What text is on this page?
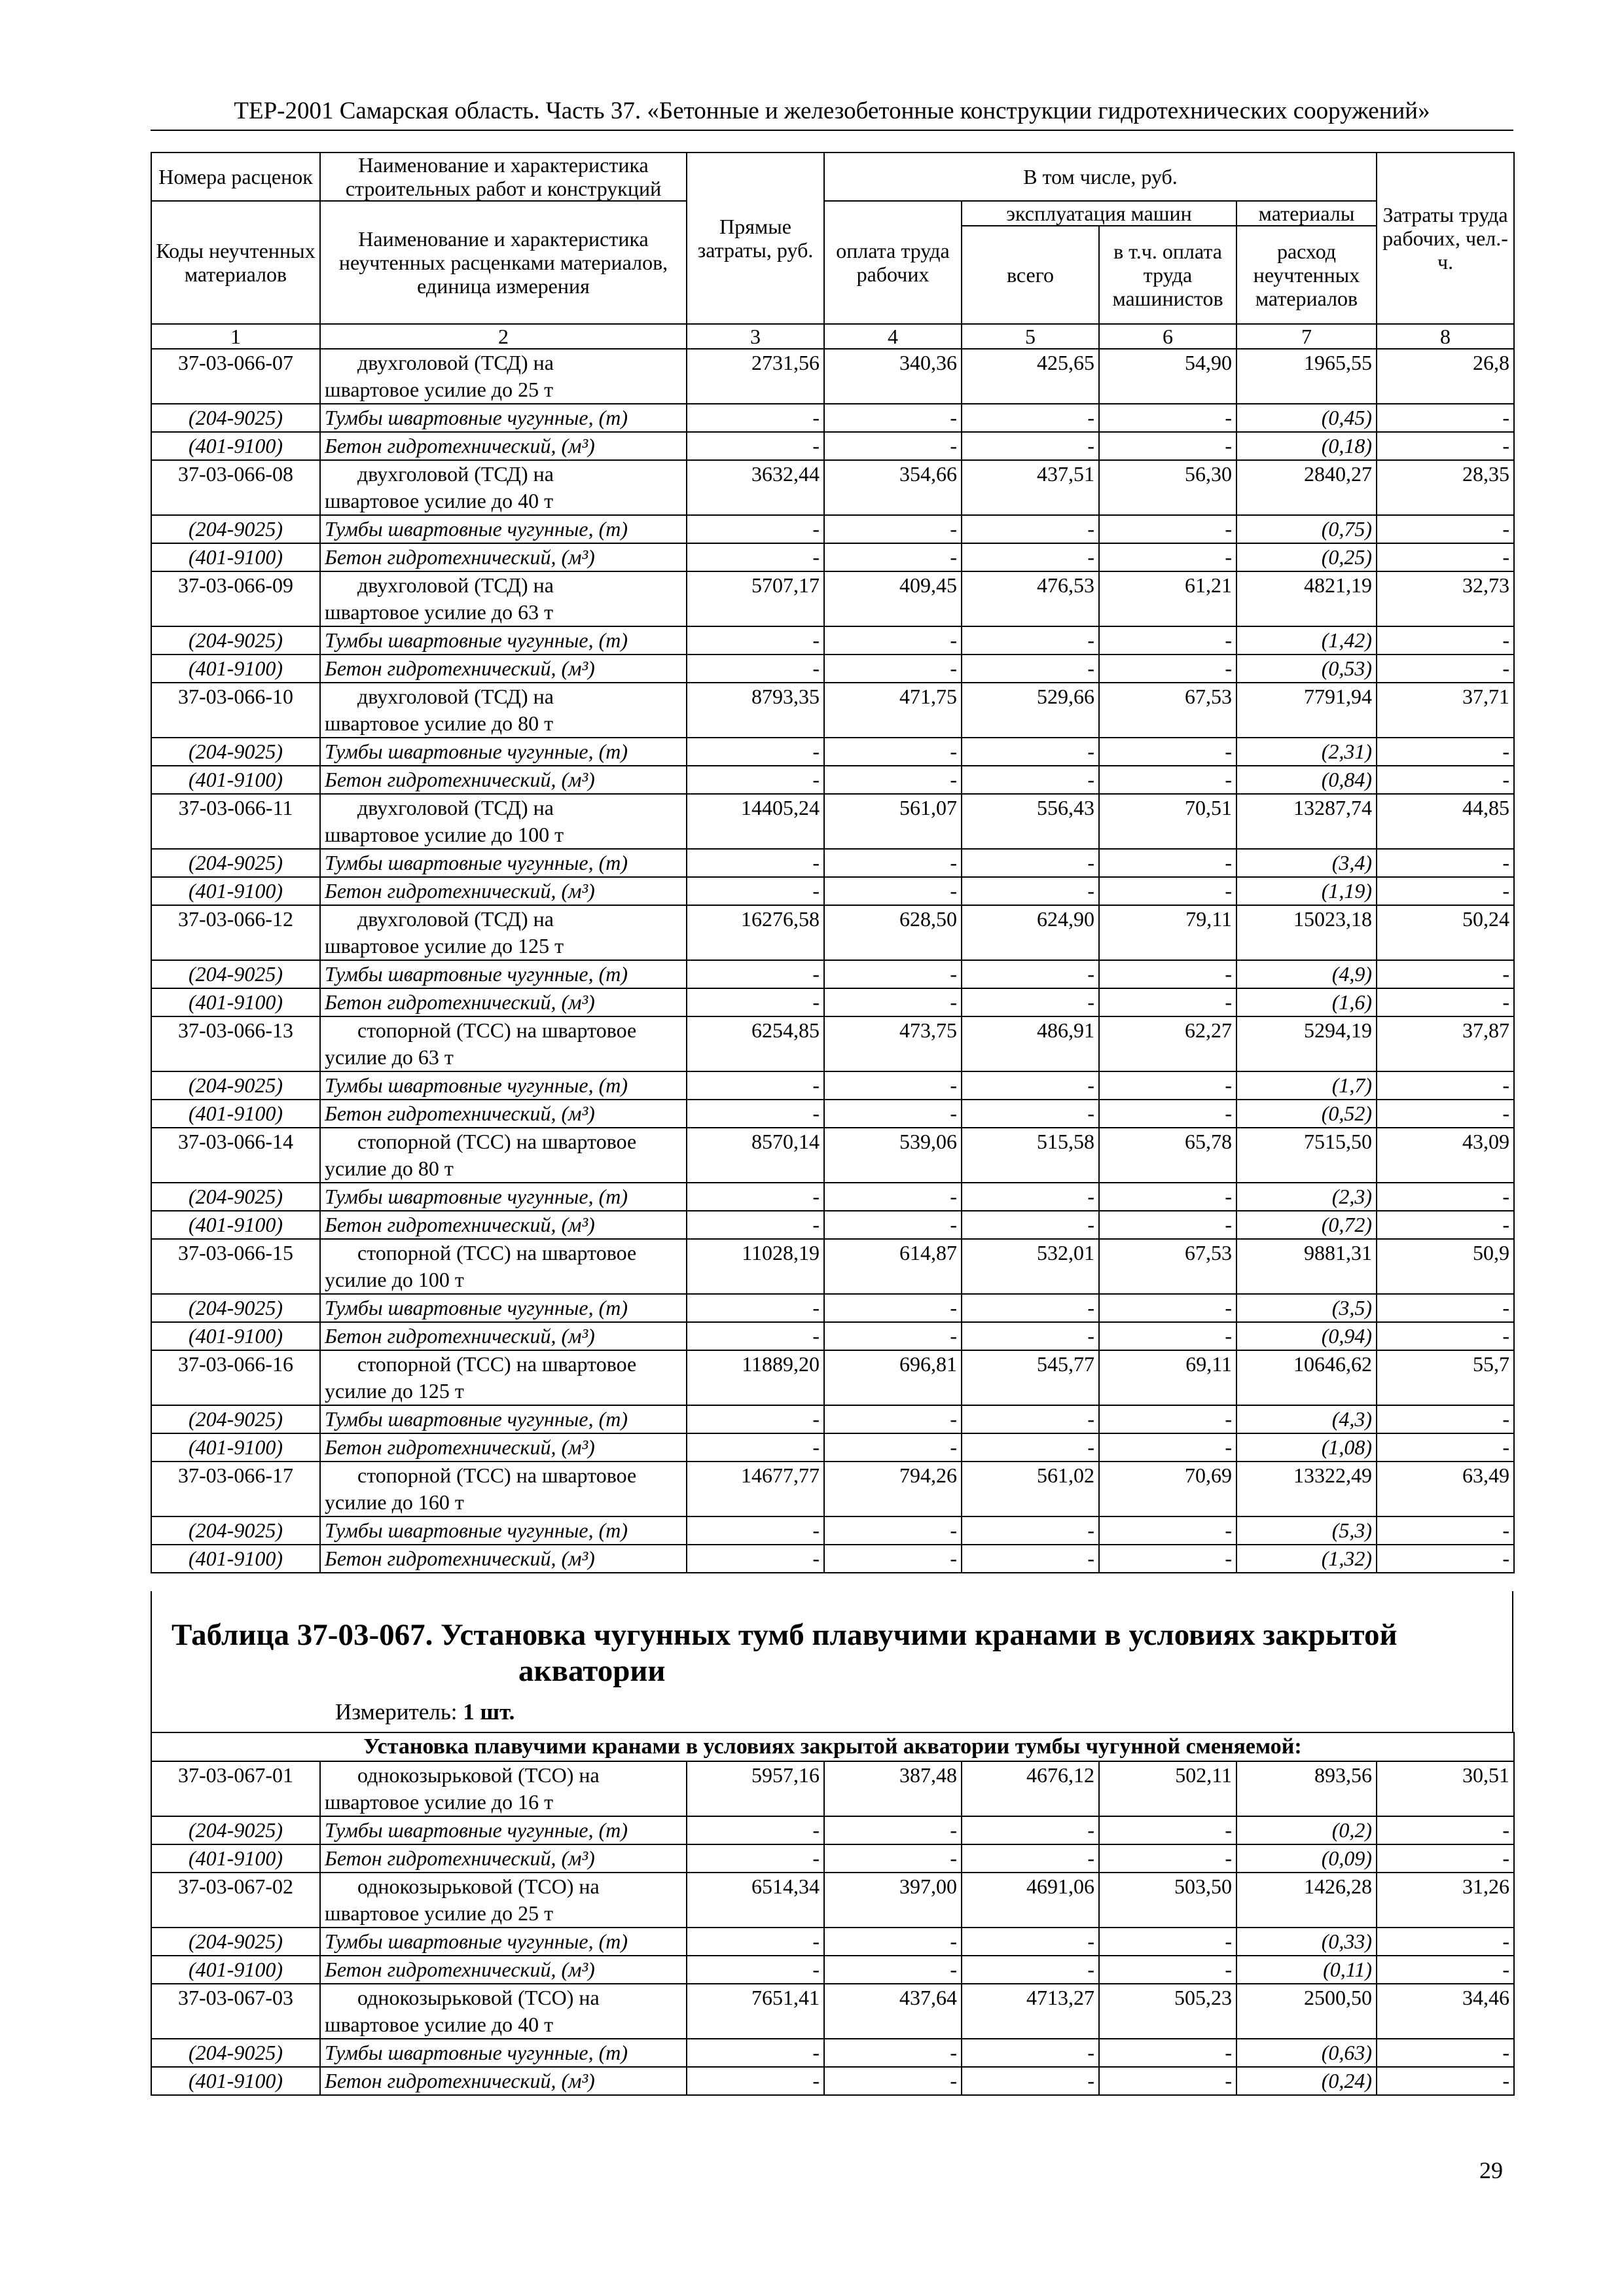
ТЕР-2001 Самарская область. Часть 37. «Бетонные и железобетонные конструкции гидротехнических сооружений»
Номера расценок	Наименование и характеристика строительных работ и конструкций	Прямые затраты, руб.	В том числе, руб.				Затраты труда рабочих, чел.-ч.
Коды неучтенных материалов	Наименование и характеристика неучтенных расценками материалов, единица измерения		оплата труда рабочих	эксплуатация машин		материалы	
				всего	в т.ч. оплата труда машинистов	расход неучтенных материалов	
1	2	3	4	5	6	7	8
37-03-066-07	двухголовой (ТСД) на
швартовое усилие до 25 т	2731,56	340,36	425,65	54,90	1965,55	26,8
(204-9025)	Тумбы швартовные чугунные, (т)	-	-	-	-	(0,45)	-
(401-9100)	Бетон гидротехнический, (м³)	-	-	-	-	(0,18)	-
37-03-066-08	двухголовой (ТСД) на
швартовое усилие до 40 т	3632,44	354,66	437,51	56,30	2840,27	28,35
(204-9025)	Тумбы швартовные чугунные, (т)	-	-	-	-	(0,75)	-
(401-9100)	Бетон гидротехнический, (м³)	-	-	-	-	(0,25)	-
37-03-066-09	двухголовой (ТСД) на
швартовое усилие до 63 т	5707,17	409,45	476,53	61,21	4821,19	32,73
(204-9025)	Тумбы швартовные чугунные, (т)	-	-	-	-	(1,42)	-
(401-9100)	Бетон гидротехнический, (м³)	-	-	-	-	(0,53)	-
37-03-066-10	двухголовой (ТСД) на
швартовое усилие до 80 т	8793,35	471,75	529,66	67,53	7791,94	37,71
(204-9025)	Тумбы швартовные чугунные, (т)	-	-	-	-	(2,31)	-
(401-9100)	Бетон гидротехнический, (м³)	-	-	-	-	(0,84)	-
37-03-066-11	двухголовой (ТСД) на
швартовое усилие до 100 т	14405,24	561,07	556,43	70,51	13287,74	44,85
(204-9025)	Тумбы швартовные чугунные, (т)	-	-	-	-	(3,4)	-
(401-9100)	Бетон гидротехнический, (м³)	-	-	-	-	(1,19)	-
37-03-066-12	двухголовой (ТСД) на
швартовое усилие до 125 т	16276,58	628,50	624,90	79,11	15023,18	50,24
(204-9025)	Тумбы швартовные чугунные, (т)	-	-	-	-	(4,9)	-
(401-9100)	Бетон гидротехнический, (м³)	-	-	-	-	(1,6)	-
37-03-066-13	стопорной (ТСС) на швартовое
усилие до 63 т	6254,85	473,75	486,91	62,27	5294,19	37,87
(204-9025)	Тумбы швартовные чугунные, (т)	-	-	-	-	(1,7)	-
(401-9100)	Бетон гидротехнический, (м³)	-	-	-	-	(0,52)	-
37-03-066-14	стопорной (ТСС) на швартовое
усилие до 80 т	8570,14	539,06	515,58	65,78	7515,50	43,09
(204-9025)	Тумбы швартовные чугунные, (т)	-	-	-	-	(2,3)	-
(401-9100)	Бетон гидротехнический, (м³)	-	-	-	-	(0,72)	-
37-03-066-15	стопорной (ТСС) на швартовое
усилие до 100 т	11028,19	614,87	532,01	67,53	9881,31	50,9
(204-9025)	Тумбы швартовные чугунные, (т)	-	-	-	-	(3,5)	-
(401-9100)	Бетон гидротехнический, (м³)	-	-	-	-	(0,94)	-
37-03-066-16	стопорной (ТСС) на швартовое
усилие до 125 т	11889,20	696,81	545,77	69,11	10646,62	55,7
(204-9025)	Тумбы швартовные чугунные, (т)	-	-	-	-	(4,3)	-
(401-9100)	Бетон гидротехнический, (м³)	-	-	-	-	(1,08)	-
37-03-066-17	стопорной (ТСС) на швартовое
усилие до 160 т	14677,77	794,26	561,02	70,69	13322,49	63,49
(204-9025)	Тумбы швартовные чугунные, (т)	-	-	-	-	(5,3)	-
(401-9100)	Бетон гидротехнический, (м³)	-	-	-	-	(1,32)	-
Таблица 37-03-067. Установка чугунных тумб плавучими кранами в условиях закрытой
акватории
Измеритель: 1 шт.
Установка плавучими кранами в условиях закрытой акватории тумбы чугунной сменяемой:							
37-03-067-01	однокозырьковой (ТСО) на
швартовое усилие до 16 т	5957,16	387,48	4676,12	502,11	893,56	30,51
(204-9025)	Тумбы швартовные чугунные, (т)	-	-	-	-	(0,2)	-
(401-9100)	Бетон гидротехнический, (м³)	-	-	-	-	(0,09)	-
37-03-067-02	однокозырьковой (ТСО) на
швартовое усилие до 25 т	6514,34	397,00	4691,06	503,50	1426,28	31,26
(204-9025)	Тумбы швартовные чугунные, (т)	-	-	-	-	(0,33)	-
(401-9100)	Бетон гидротехнический, (м³)	-	-	-	-	(0,11)	-
37-03-067-03	однокозырьковой (ТСО) на
швартовое усилие до 40 т	7651,41	437,64	4713,27	505,23	2500,50	34,46
(204-9025)	Тумбы швартовные чугунные, (т)	-	-	-	-	(0,63)	-
(401-9100)	Бетон гидротехнический, (м³)	-	-	-	-	(0,24)	-
29
